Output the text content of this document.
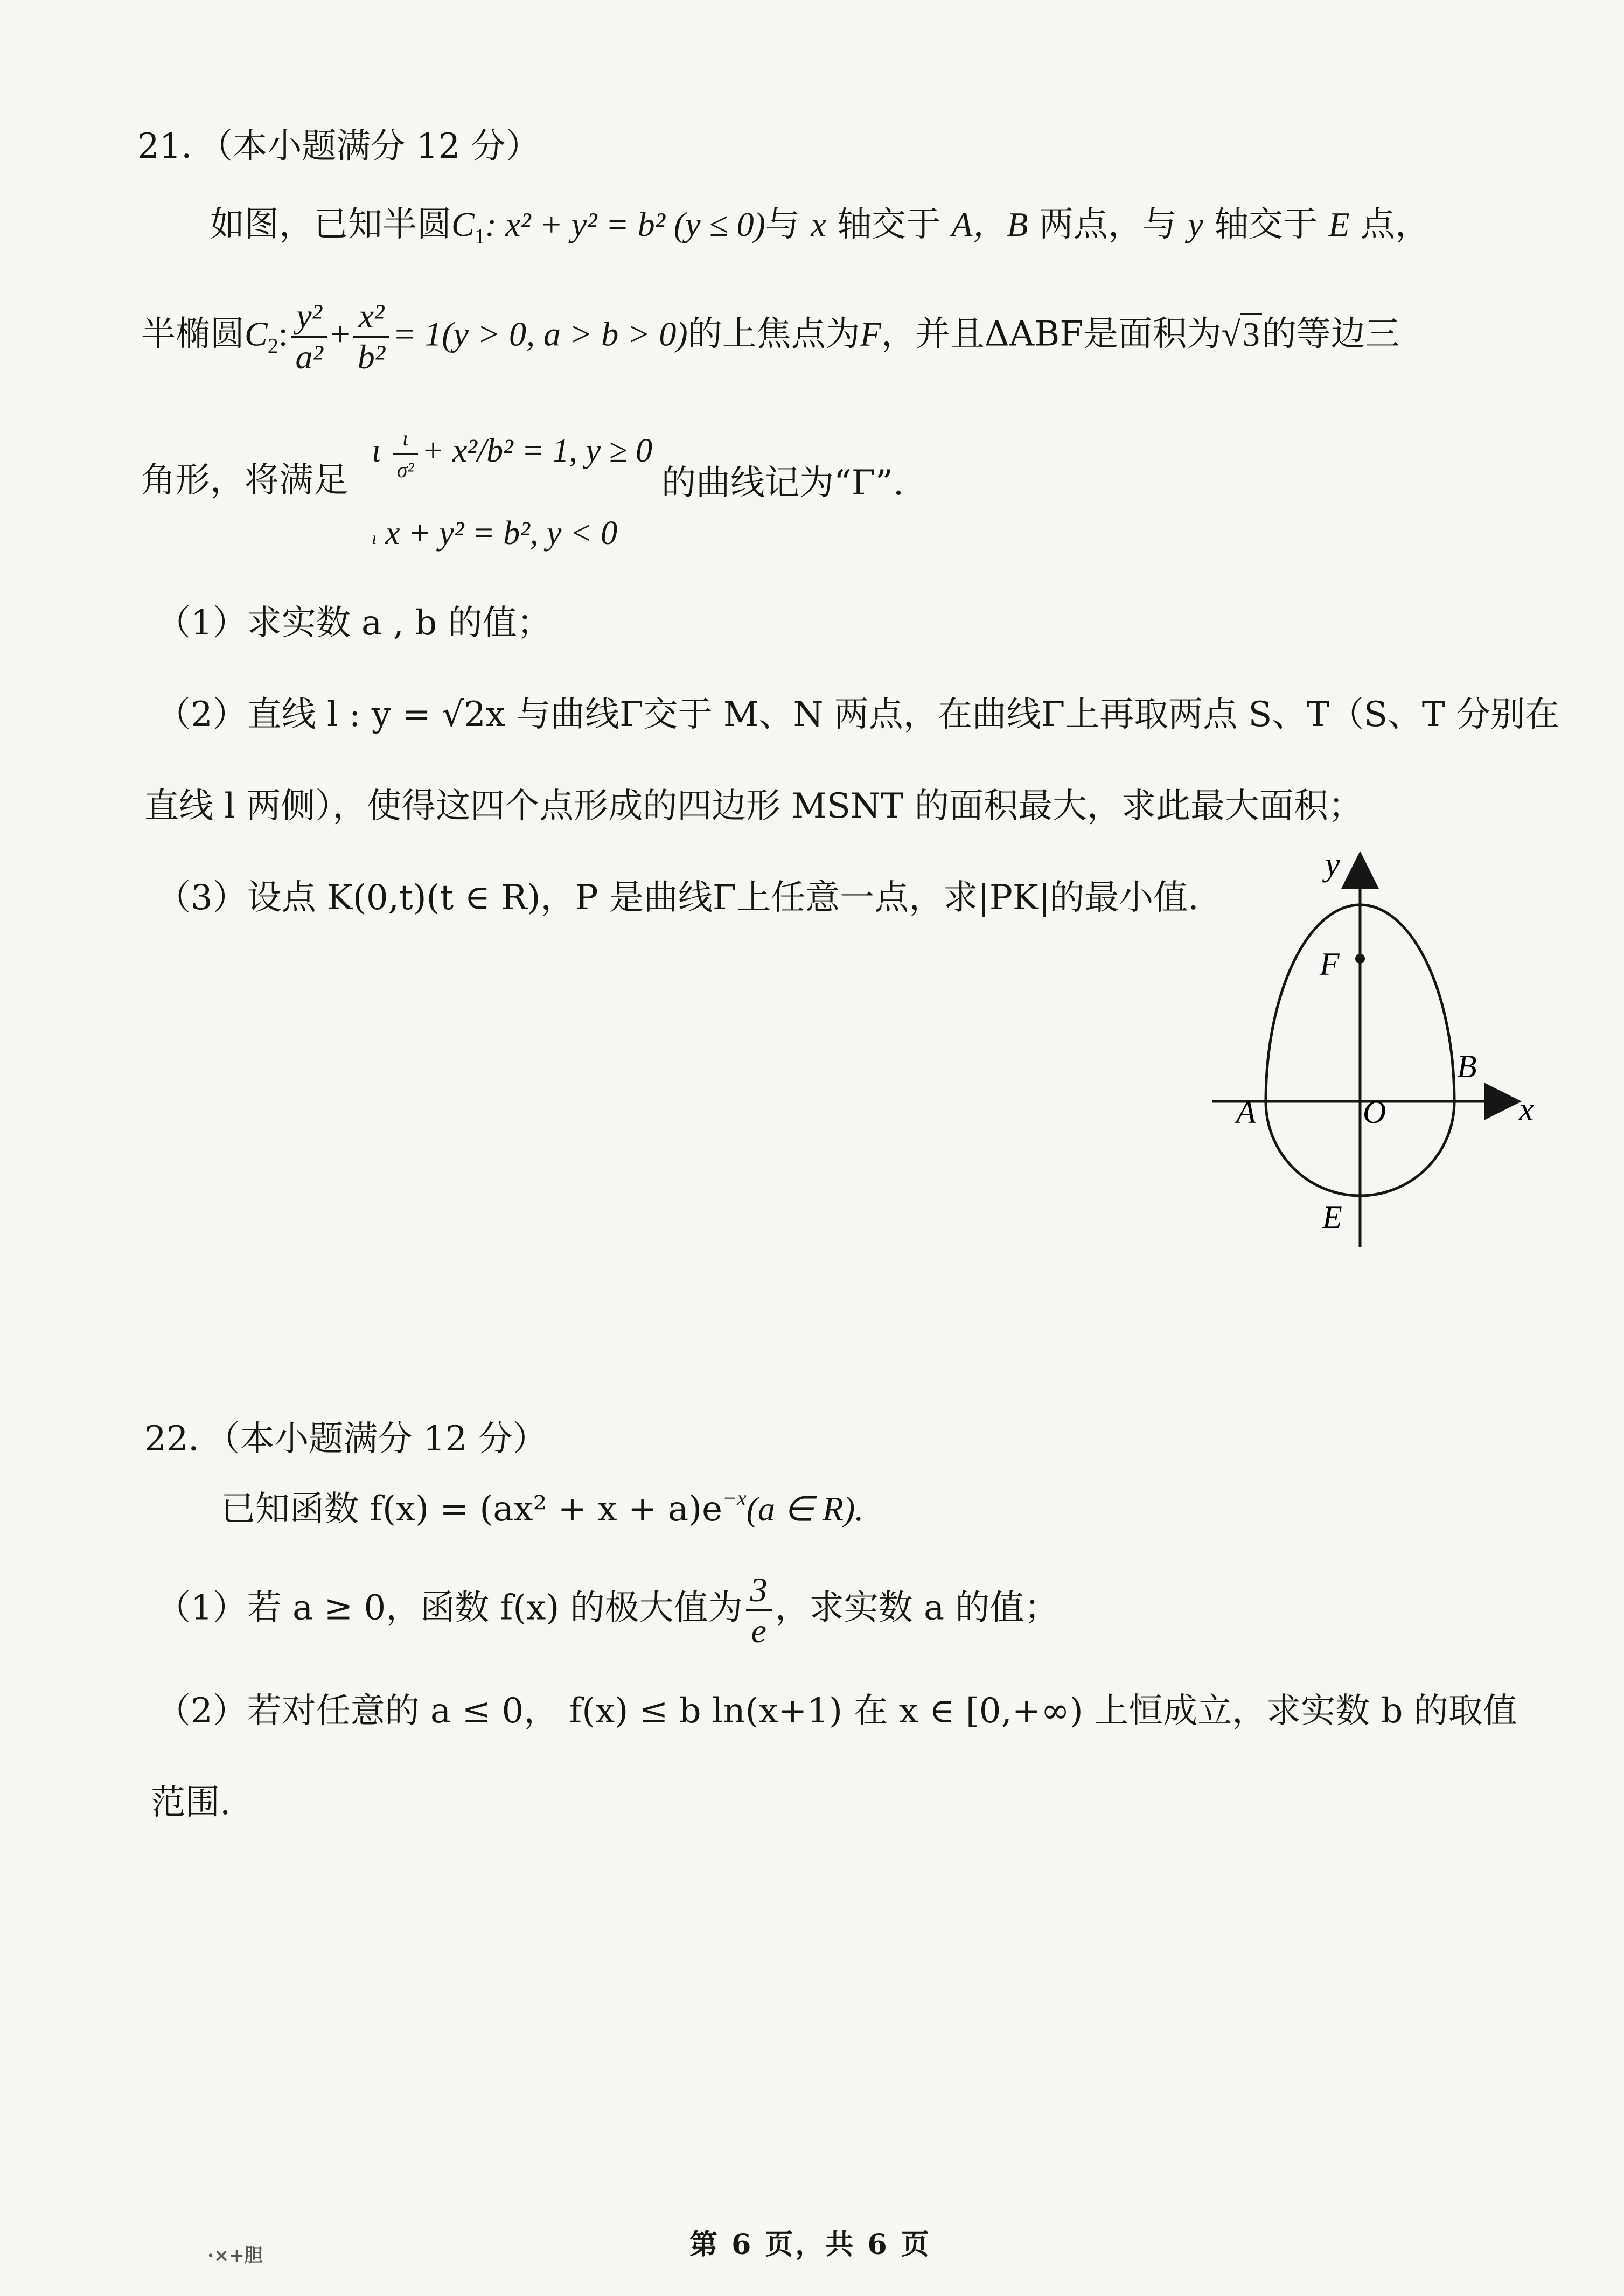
21．（本小题满分 12 分）
如图，已知半圆$C_1$: x² + y² = b² (y ≤ 0)与 x 轴交于 A，B 两点，与 y 轴交于 E 点，
半椭圆$C_2$: $\frac{\text{y²}}{\text{a²}} + \frac{\text{x²}}{\text{b²}} = 1(y > 0$, a > b > 0)的上焦点为F，并且ΔABF是面积为√3的等边三
角形，将满足
ι $\frac{\iota}{\text{σ²}} + x^2/b^2 = 1$, y ≥ 0
ı x + y² = b², y < 0
的曲线记为“Γ”.
（1）求实数 a , b 的值；
（2）直线 l : y = √2x 与曲线Γ交于 M、N 两点，在曲线Γ上再取两点 S、T（S、T 分别在
直线 l 两侧），使得这四个点形成的四边形 MSNT 的面积最大，求此最大面积；
（3）设点 K(0,t)(t ∈ R)，P 是曲线Γ上任意一点，求|PK|的最小值.
y
x
F
B
A	O
E
22．（本小题满分 12 分）
已知函数 $f(x) = (ax^2 + x + a)e^{-x}(a$ ∈ R).
（1）若 a ≥ 0，函数 f(x) 的极大值为 $\frac{3}{e}$ ，求实数 a 的值；
（2）若对任意的 a ≤ 0， f(x) ≤ b ln(x+1) 在 x ∈ [0,+∞) 上恒成立，求实数 b 的取值
范围.
·×+胆	第 6 页，共 6 页
